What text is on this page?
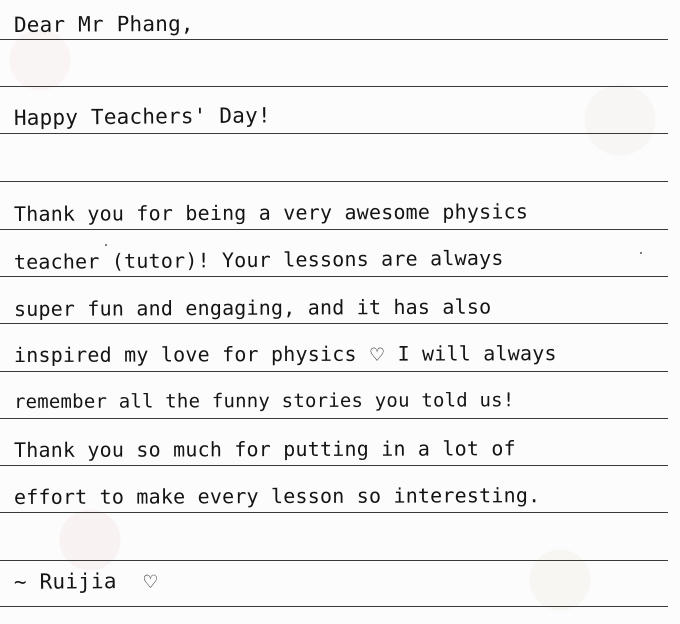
Dear Mr Phang,

Happy Teachers' Day!

Thank you for being a very awesome physics

teacher (tutor)! Your lessons are always

super fun and engaging, and it has also

inspired my love for physics ♡ I will always

remember all the funny stories you told us!

Thank you so much for putting in a lot of

effort to make every lesson so interesting.

~ Ruijia ♡
